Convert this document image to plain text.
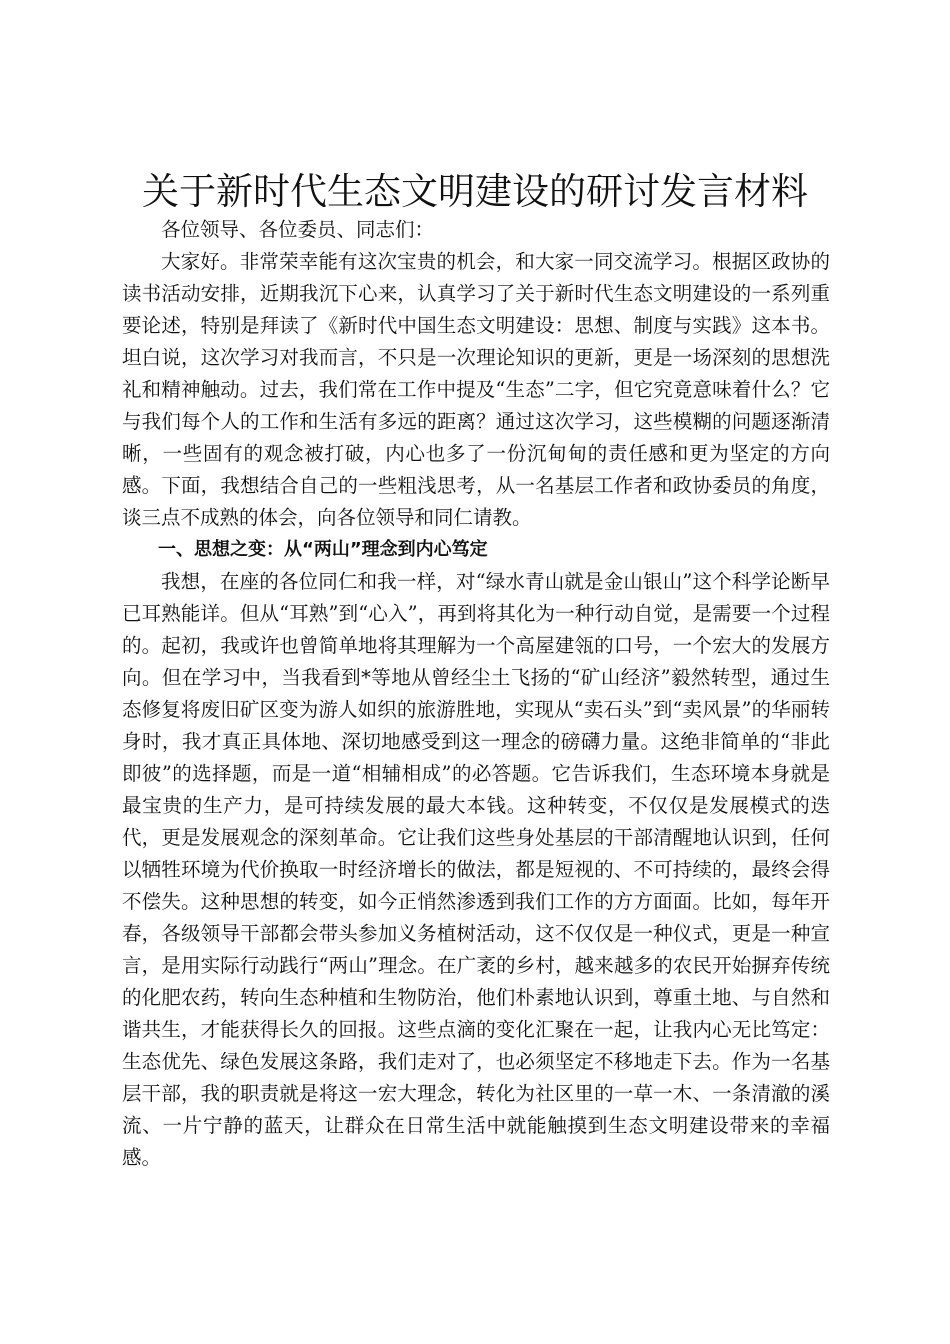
关于新时代生态文明建设的研讨发言材料

各位领导、各位委员、同志们：

大家好。非常荣幸能有这次宝贵的机会，和大家一同交流学习。根据区政协的读书活动安排，近期我沉下心来，认真学习了关于新时代生态文明建设的一系列重要论述，特别是拜读了《新时代中国生态文明建设：思想、制度与实践》这本书。坦白说，这次学习对我而言，不只是一次理论知识的更新，更是一场深刻的思想洗礼和精神触动。过去，我们常在工作中提及“生态”二字，但它究竟意味着什么？它与我们每个人的工作和生活有多远的距离？通过这次学习，这些模糊的问题逐渐清晰，一些固有的观念被打破，内心也多了一份沉甸甸的责任感和更为坚定的方向感。下面，我想结合自己的一些粗浅思考，从一名基层工作者和政协委员的角度，谈三点不成熟的体会，向各位领导和同仁请教。

一、思想之变：从“两山”理念到内心笃定

我想，在座的各位同仁和我一样，对“绿水青山就是金山银山”这个科学论断早已耳熟能详。但从“耳熟”到“心入”，再到将其化为一种行动自觉，是需要一个过程的。起初，我或许也曾简单地将其理解为一个高屋建瓴的口号，一个宏大的发展方向。但在学习中，当我看到*等地从曾经尘土飞扬的“矿山经济”毅然转型，通过生态修复将废旧矿区变为游人如织的旅游胜地，实现从“卖石头”到“卖风景”的华丽转身时，我才真正具体地、深切地感受到这一理念的磅礴力量。这绝非简单的“非此即彼”的选择题，而是一道“相辅相成”的必答题。它告诉我们，生态环境本身就是最宝贵的生产力，是可持续发展的最大本钱。这种转变，不仅仅是发展模式的迭代，更是发展观念的深刻革命。它让我们这些身处基层的干部清醒地认识到，任何以牺牲环境为代价换取一时经济增长的做法，都是短视的、不可持续的，最终会得不偿失。这种思想的转变，如今正悄然渗透到我们工作的方方面面。比如，每年开春，各级领导干部都会带头参加义务植树活动，这不仅仅是一种仪式，更是一种宣言，是用实际行动践行“两山”理念。在广袤的乡村，越来越多的农民开始摒弃传统的化肥农药，转向生态种植和生物防治，他们朴素地认识到，尊重土地、与自然和谐共生，才能获得长久的回报。这些点滴的变化汇聚在一起，让我内心无比笃定：生态优先、绿色发展这条路，我们走对了，也必须坚定不移地走下去。作为一名基层干部，我的职责就是将这一宏大理念，转化为社区里的一草一木、一条清澈的溪流、一片宁静的蓝天，让群众在日常生活中就能触摸到生态文明建设带来的幸福感。
